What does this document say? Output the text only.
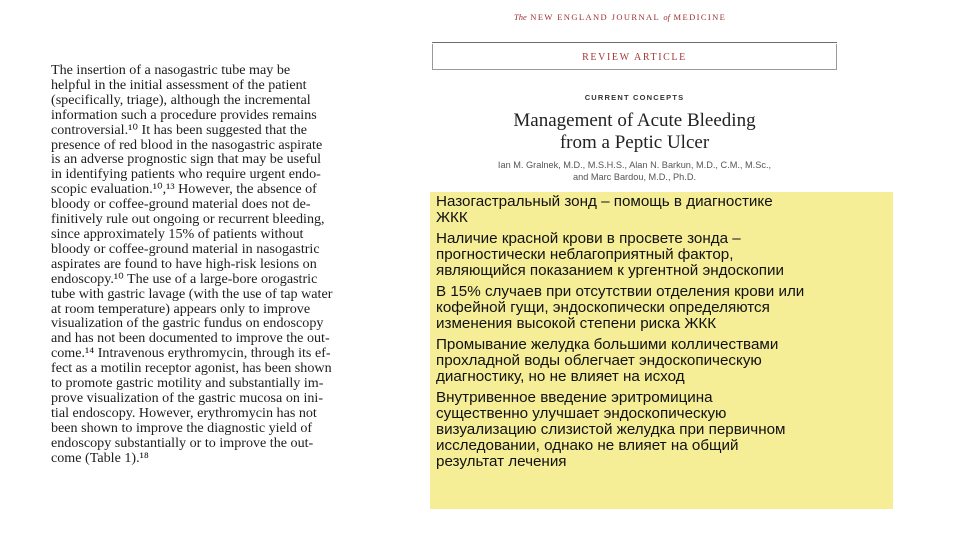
The insertion of a nasogastric tube may be
helpful in the initial assessment of the patient
(specifically, triage), although the incremental
information such a procedure provides remains
controversial.¹⁰ It has been suggested that the
presence of red blood in the nasogastric aspirate
is an adverse prognostic sign that may be useful
in identifying patients who require urgent endo-
scopic evaluation.¹⁰,¹³ However, the absence of
bloody or coffee-ground material does not de-
finitively rule out ongoing or recurrent bleeding,
since approximately 15% of patients without
bloody or coffee-ground material in nasogastric
aspirates are found to have high-risk lesions on
endoscopy.¹⁰ The use of a large-bore orogastric
tube with gastric lavage (with the use of tap water
at room temperature) appears only to improve
visualization of the gastric fundus on endoscopy
and has not been documented to improve the out-
come.¹⁴ Intravenous erythromycin, through its ef-
fect as a motilin receptor agonist, has been shown
to promote gastric motility and substantially im-
prove visualization of the gastric mucosa on ini-
tial endoscopy. However, erythromycin has not
been shown to improve the diagnostic yield of
endoscopy substantially or to improve the out-
come (Table 1).¹⁸
The NEW ENGLAND JOURNAL of MEDICINE
REVIEW ARTICLE
CURRENT CONCEPTS
Management of Acute Bleeding
from a Peptic Ulcer
Ian M. Gralnek, M.D., M.S.H.S., Alan N. Barkun, M.D., C.M., M.Sc.,
and Marc Bardou, M.D., Ph.D.
Назогастральный зонд – помощь в диагностике
ЖКК
Наличие красной крови в просвете зонда –
прогностически неблагоприятный фактор,
являющийся показанием к ургентной эндоскопии
В 15% случаев при отсутствии отделения крови или
кофейной гущи, эндоскопически определяются
изменения высокой степени риска ЖКК
Промывание желудка большими колличествами
прохладной воды облегчает эндоскопическую
диагностику, но не влияет на исход
Внутривенное введение эритромицина
существенно улучшает эндоскопическую
визуализацию слизистой желудка при первичном
исследовании, однако не влияет на общий
результат лечения
